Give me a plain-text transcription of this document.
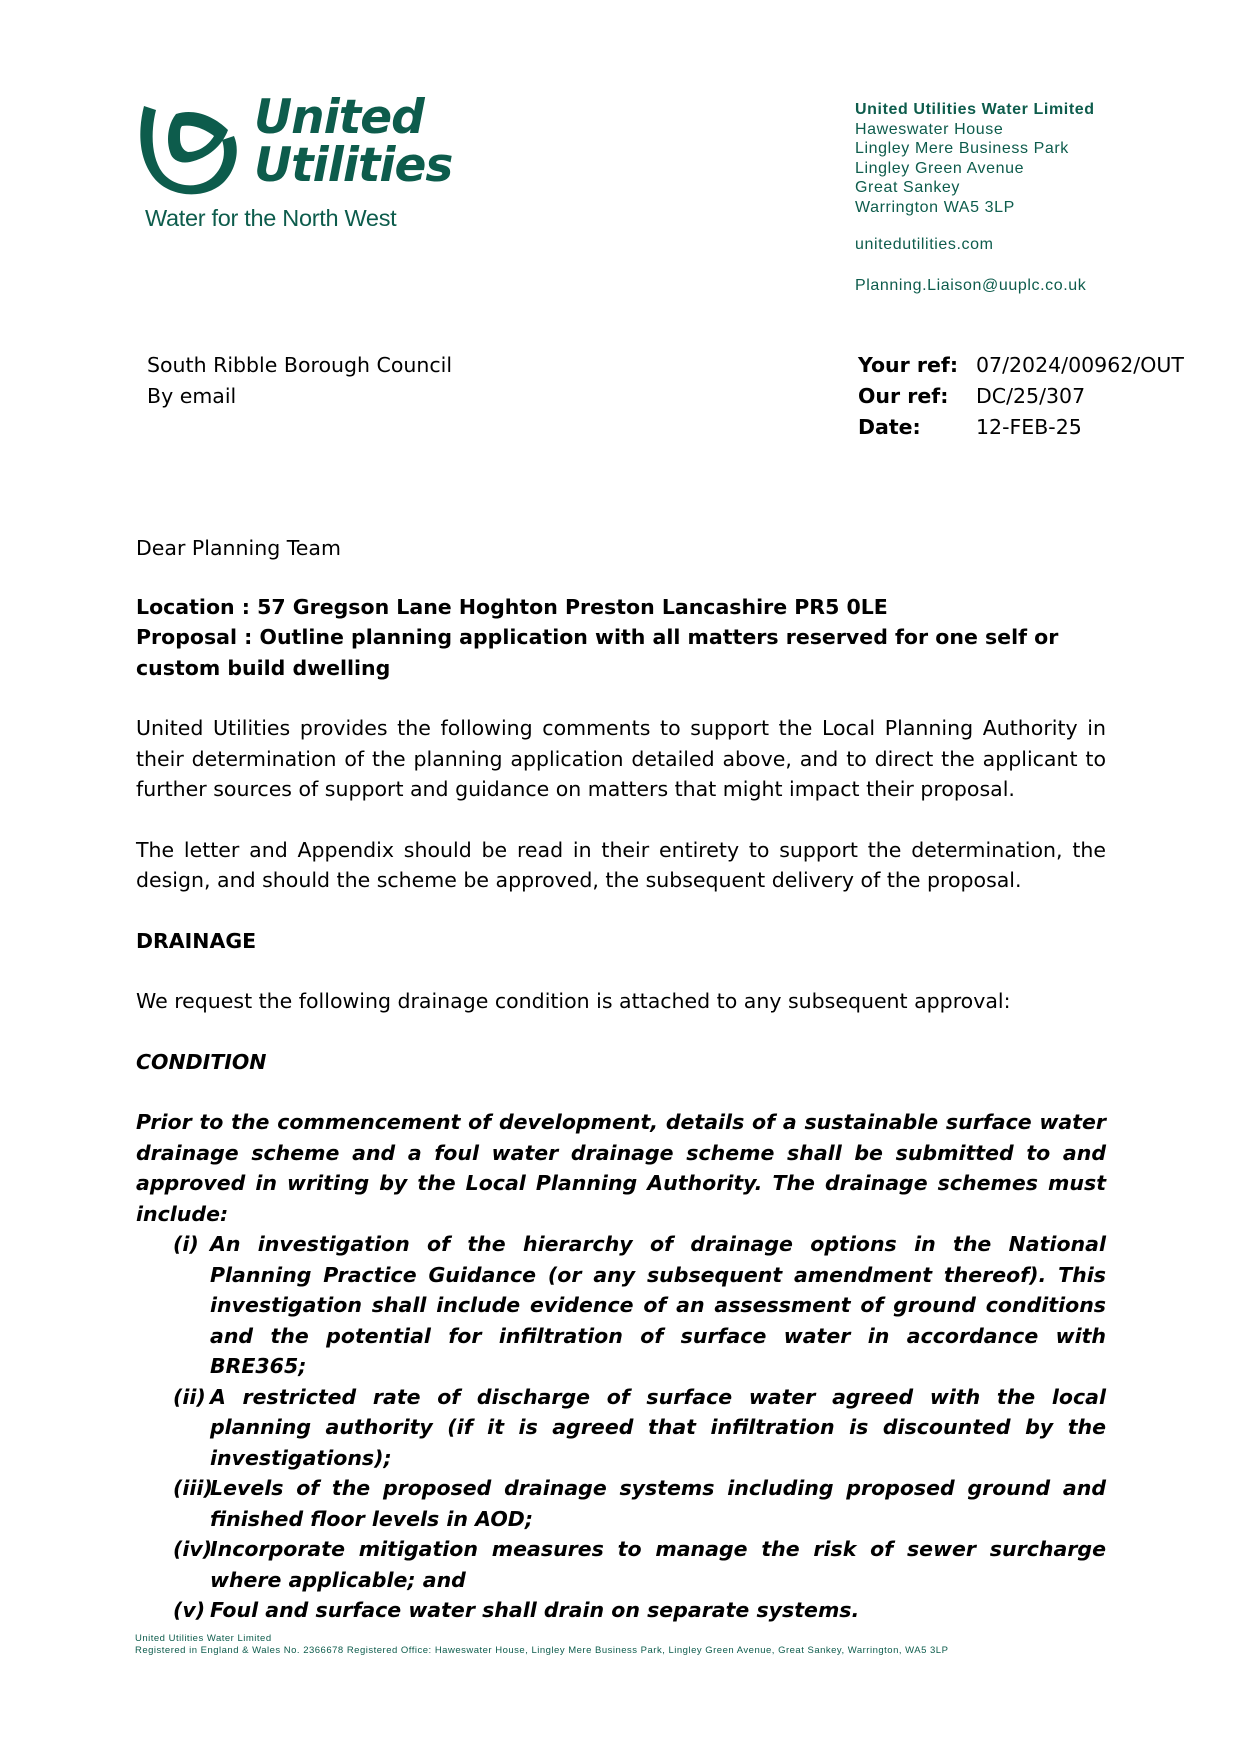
United
Utilities
Water for the North West
United Utilities Water Limited
Haweswater House
Lingley Mere Business Park
Lingley Green Avenue
Great Sankey
Warrington WA5 3LP
unitedutilities.com
Planning.Liaison@uuplc.co.uk
South Ribble Borough Council
By email
Your ref: 07/2024/00962/OUT
Our ref:	DC/25/307
Date:	12-FEB-25

Dear Planning Team

Location : 57 Gregson Lane Hoghton Preston Lancashire PR5 0LE

Proposal : Outline planning application with all matters reserved for one self or custom build dwelling

United Utilities provides the following comments to support the Local Planning Authority in their determination of the planning application detailed above, and to direct the applicant to further sources of support and guidance on matters that might impact their proposal.

The letter and Appendix should be read in their entirety to support the determination, the design, and should the scheme be approved, the subsequent delivery of the proposal.

DRAINAGE

We request the following drainage condition is attached to any subsequent approval:

CONDITION

Prior to the commencement of development, details of a sustainable surface water drainage scheme and a foul water drainage scheme shall be submitted to and approved in writing by the Local Planning Authority. The drainage schemes must include:

(i) An investigation of the hierarchy of drainage options in the National Planning Practice Guidance (or any subsequent amendment thereof). This investigation shall include evidence of an assessment of ground conditions and the potential for infiltration of surface water in accordance with BRE365;
(ii) A restricted rate of discharge of surface water agreed with the local planning authority (if it is agreed that infiltration is discounted by the investigations);
(iii)
Levels of the proposed drainage systems including proposed ground and finished floor levels in AOD;
(iv)
Incorporate mitigation measures to manage the risk of sewer surcharge where applicable; and
(v) Foul and surface water shall drain on separate systems.
United Utilities Water Limited
Registered in England & Wales No. 2366678 Registered Office: Haweswater House, Lingley Mere Business Park, Lingley Green Avenue, Great Sankey, Warrington, WA5 3LP
